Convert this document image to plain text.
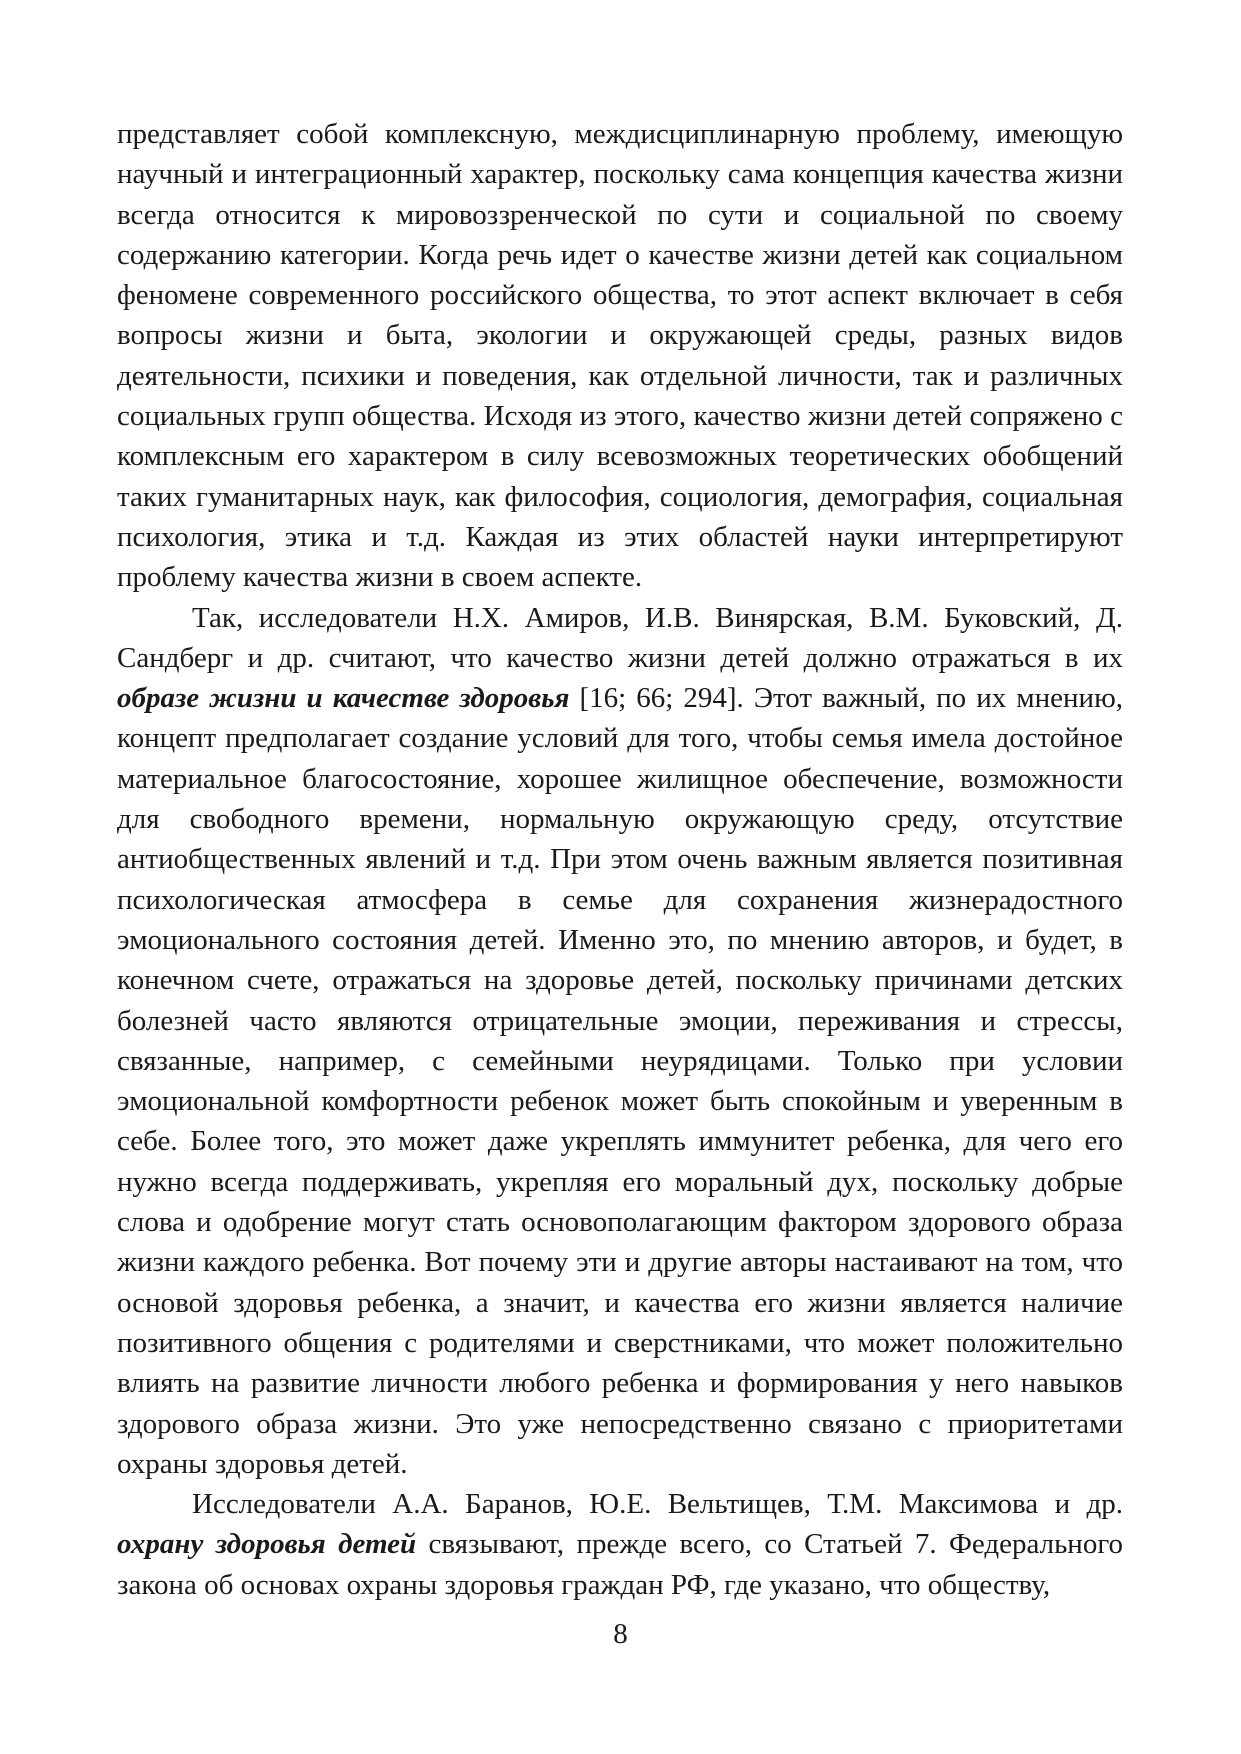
представляет собой комплексную, междисциплинарную проблему, имеющую научный и интеграционный характер, поскольку сама концепция качества жизни всегда относится к мировоззренческой по сути и социальной по своему содержанию категории. Когда речь идет о качестве жизни детей как социальном феномене современного российского общества, то этот аспект включает в себя вопросы жизни и быта, экологии и окружающей среды, разных видов деятельности, психики и поведения, как отдельной личности, так и различных социальных групп общества. Исходя из этого, качество жизни детей сопряжено с комплексным его характером в силу всевозможных теоретических обобщений таких гуманитарных наук, как философия, социология, демография, социальная психология, этика и т.д. Каждая из этих областей науки интерпретируют проблему качества жизни в своем аспекте.

Так, исследователи Н.Х. Амиров, И.В. Винярская, В.М. Буковский, Д. Сандберг и др. считают, что качество жизни детей должно отражаться в их образе жизни и качестве здоровья [16; 66; 294]. Этот важный, по их мнению, концепт предполагает создание условий для того, чтобы семья имела достойное материальное благосостояние, хорошее жилищное обеспечение, возможности для свободного времени, нормальную окружающую среду, отсутствие антиобщественных явлений и т.д. При этом очень важным является позитивная психологическая атмосфера в семье для сохранения жизнерадостного эмоционального состояния детей. Именно это, по мнению авторов, и будет, в конечном счете, отражаться на здоровье детей, поскольку причинами детских болезней часто являются отрицательные эмоции, переживания и стрессы, связанные, например, с семейными неурядицами. Только при условии эмоциональной комфортности ребенок может быть спокойным и уверенным в себе. Более того, это может даже укреплять иммунитет ребенка, для чего его нужно всегда поддерживать, укрепляя его моральный дух, поскольку добрые слова и одобрение могут стать основополагающим фактором здорового образа жизни каждого ребенка. Вот почему эти и другие авторы настаивают на том, что основой здоровья ребенка, а значит, и качества его жизни является наличие позитивного общения с родителями и сверстниками, что может положительно влиять на развитие личности любого ребенка и формирования у него навыков здорового образа жизни. Это уже непосредственно связано с приоритетами охраны здоровья детей.

Исследователи А.А. Баранов, Ю.Е. Вельтищев, Т.М. Максимова и др. охрану здоровья детей связывают, прежде всего, со Статьей 7. Федерального закона об основах охраны здоровья граждан РФ, где указано, что обществу,

8
